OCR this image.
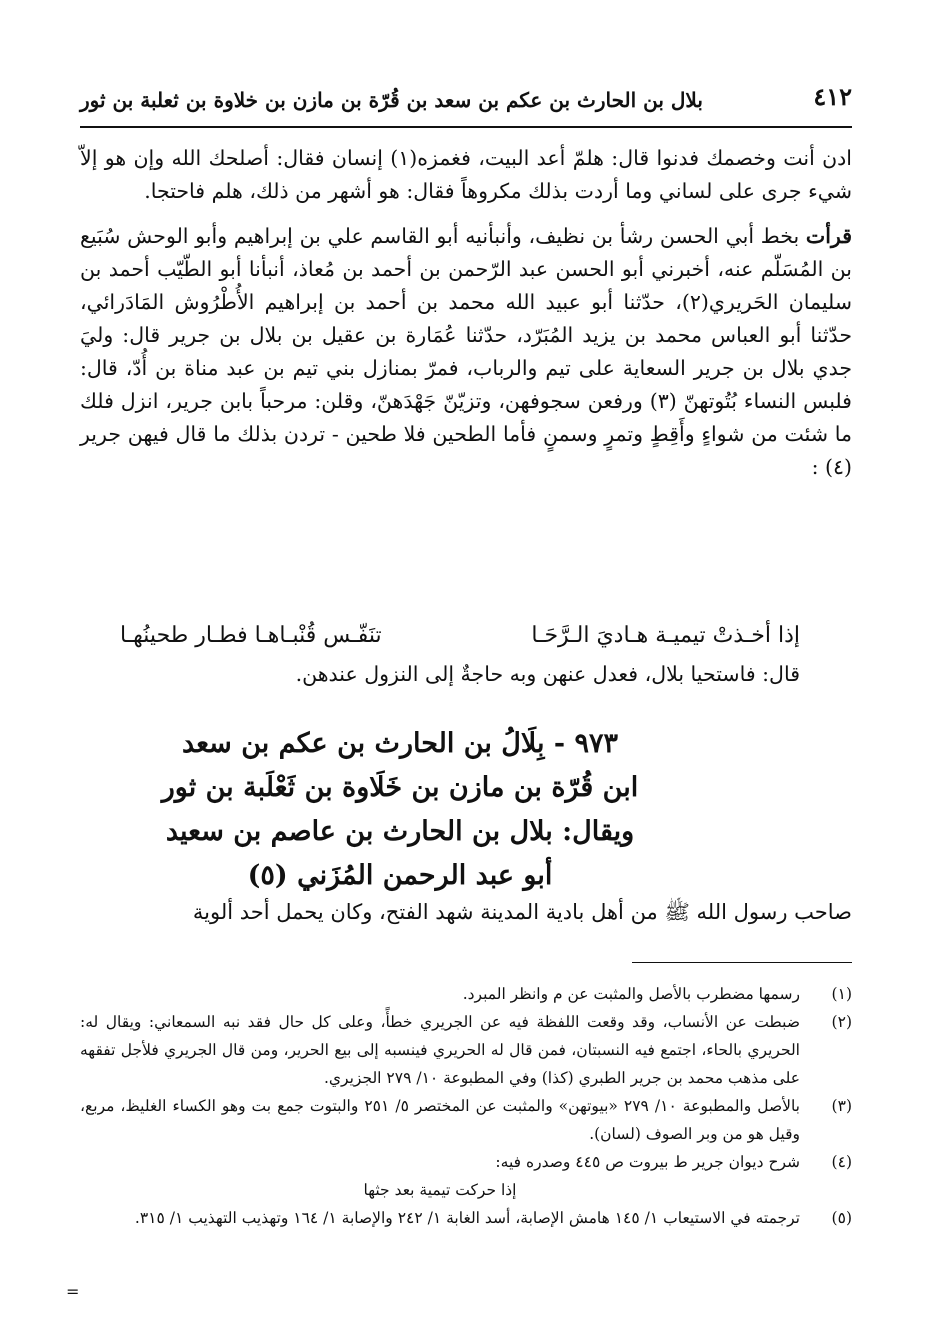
٤١٢
بلال بن الحارث بن عكم بن سعد بن قُرّة بن مازن بن خلاوة بن ثعلبة بن ثور

ادن أنت وخصمك فدنوا قال: هلمّ أعد البيت، فغمزه(١) إنسان فقال: أصلحك الله وإن هو إلاّ شيء جرى على لساني وما أردت بذلك مكروهاً فقال: هو أشهر من ذلك، هلم فاحتجا.

قرأت بخط أبي الحسن رشأ بن نظيف، وأنبأنيه أبو القاسم علي بن إبراهيم وأبو الوحش سُبَيع بن المُسَلّم عنه، أخبرني أبو الحسن عبد الرّحمن بن أحمد بن مُعاذ، أنبأنا أبو الطّيّب أحمد بن سليمان الحَريري(٢)، حدّثنا أبو عبيد الله محمد بن أحمد بن إبراهيم الأُطْرُوش المَادَرائي، حدّثنا أبو العباس محمد بن يزيد المُبَرّد، حدّثنا عُمَارة بن عقيل بن بلال بن جرير قال: وليَ جدي بلال بن جرير السعاية على تيم والرباب، فمرّ بمنازل بني تيم بن عبد مناة بن أُدّ، قال: فلبس النساء بُتُوتهنّ (٣) ورفعن سجوفهن، وتزيّنّ جَهْدَهنّ، وقلن: مرحباً بابن جرير، انزل فلك ما شئت من شواءٍ وأَقِطٍ وتمرٍ وسمنٍ فأما الطحين فلا طحين - تردن بذلك ما قال فيهن جرير (٤) :

إذا أخـذتْ تيميـة هـاديَ الـرَّحَـا
تنَفّـس قُنْبـاهـا فطـار طحينُهـا
قال: فاستحيا بلال، فعدل عنهن وبه حاجةٌ إلى النزول عندهن.
٩٧٣ - بِلَالُ بن الحارث بن عكم بن سعد
ابن قُرّة بن مازن بن خَلَاوة بن ثَعْلَبة بن ثور
ويقال: بلال بن الحارث بن عاصم بن سعيد
أبو عبد الرحمن المُزَني (٥)
صاحب رسول الله ﷺ من أهل بادية المدينة شهد الفتح، وكان يحمل أحد ألوية

(١)
رسمها مضطرب بالأصل والمثبت عن م وانظر المبرد.

(٢)
ضبطت عن الأنساب، وقد وقعت اللفظة فيه عن الجريري خطأً، وعلى كل حال فقد نبه السمعاني: ويقال له: الحريري بالحاء، اجتمع فيه النسبتان، فمن قال له الحريري فينسبه إلى بيع الحرير، ومن قال الجريري فلأجل تفقهه على مذهب محمد بن جرير الطبري (كذا) وفي المطبوعة ١٠/ ٢٧٩ الجزيري.

(٣)
بالأصل والمطبوعة ١٠/ ٢٧٩ «بيوتهن» والمثبت عن المختصر ٥/ ٢٥١ والبتوت جمع بت وهو الكساء الغليظ، مربع، وقيل هو من وبر الصوف (لسان).

(٤)
شرح ديوان جرير ط بيروت ص ٤٤٥ وصدره فيه:

إذا حركت تيمية بعد جثها

(٥)
ترجمته في الاستيعاب ١/ ١٤٥ هامش الإصابة، أسد الغابة ١/ ٢٤٢ والإصابة ١/ ١٦٤ وتهذيب التهذيب ١/ ٣١٥.

=
